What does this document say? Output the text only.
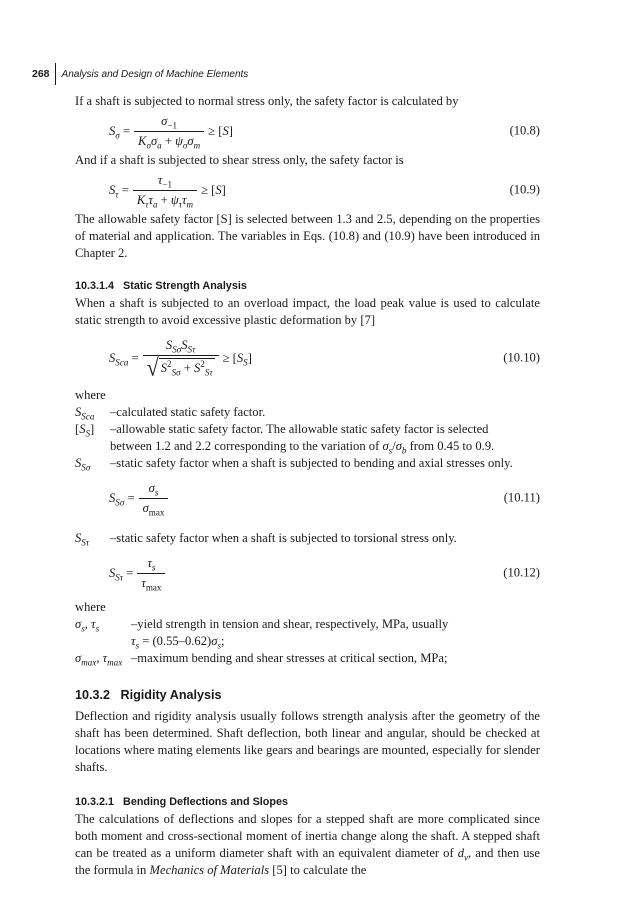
268 Analysis and Design of Machine Elements

If a shaft is subjected to normal stress only, the safety factor is calculated by

$S_\sigma = \frac{\sigma_{-1}}{K_\sigma\sigma_a + \psi_\sigma\sigma_m} \ge [S]$	(10.8)

And if a shaft is subjected to shear stress only, the safety factor is

$S_\tau = \frac{\tau_{-1}}{K_\tau\tau_a + \psi_\tau\tau_m} \ge [S]$	(10.9)

The allowable safety factor [S] is selected between 1.3 and 2.5, depending on the properties of material and application. The variables in Eqs. (10.8) and (10.9) have been introduced in Chapter 2.

10.3.1.4 Static Strength Analysis

When a shaft is subjected to an overload impact, the load peak value is used to calculate static strength to avoid excessive plastic deformation by [7]

$S_{Sca} = \frac{S_{S\sigma}S_{S\tau}}{√ S^2_{S\sigma} + S^2_{S\tau}} \ge [S_S]$	(10.10)

where

$S_{Sca}$	–calculated static safety factor.
$[S_S]$	–allowable static safety factor. The allowable static safety factor is selected
between 1.2 and 2.2 corresponding to the variation of $\sigma_s/\sigma_b$ from 0.45 to 0.9.
$S_{S\sigma}$	–static safety factor when a shaft is subjected to bending and axial stresses only.
$S_{S\sigma} = \frac{\sigma_s}{\sigma_{max}}$	(10.11)
$S_{S\tau}$	–static safety factor when a shaft is subjected to torsional stress only.
$S_{S\tau} = \frac{\tau_s}{\tau_{max}}$	(10.12)

where

$\sigma_s$, $\tau_s$	–yield strength in tension and shear, respectively, MPa, usually
$\tau_s = (0.55-0.62)\sigma_s$;
$\sigma_{max}$, $\tau_{max}$ –maximum bending and shear stresses at critical section, MPa;

10.3.2 Rigidity Analysis

Deflection and rigidity analysis usually follows strength analysis after the geometry of the shaft has been determined. Shaft deflection, both linear and angular, should be checked at locations where mating elements like gears and bearings are mounted, especially for slender shafts.

10.3.2.1 Bending Deflections and Slopes

The calculations of deflections and slopes for a stepped shaft are more complicated since both moment and cross-sectional moment of inertia change along the shaft. A stepped shaft can be treated as a uniform diameter shaft with an equivalent diameter of $d_v$, and then use the formula in Mechanics of Materials [5] to calculate the
